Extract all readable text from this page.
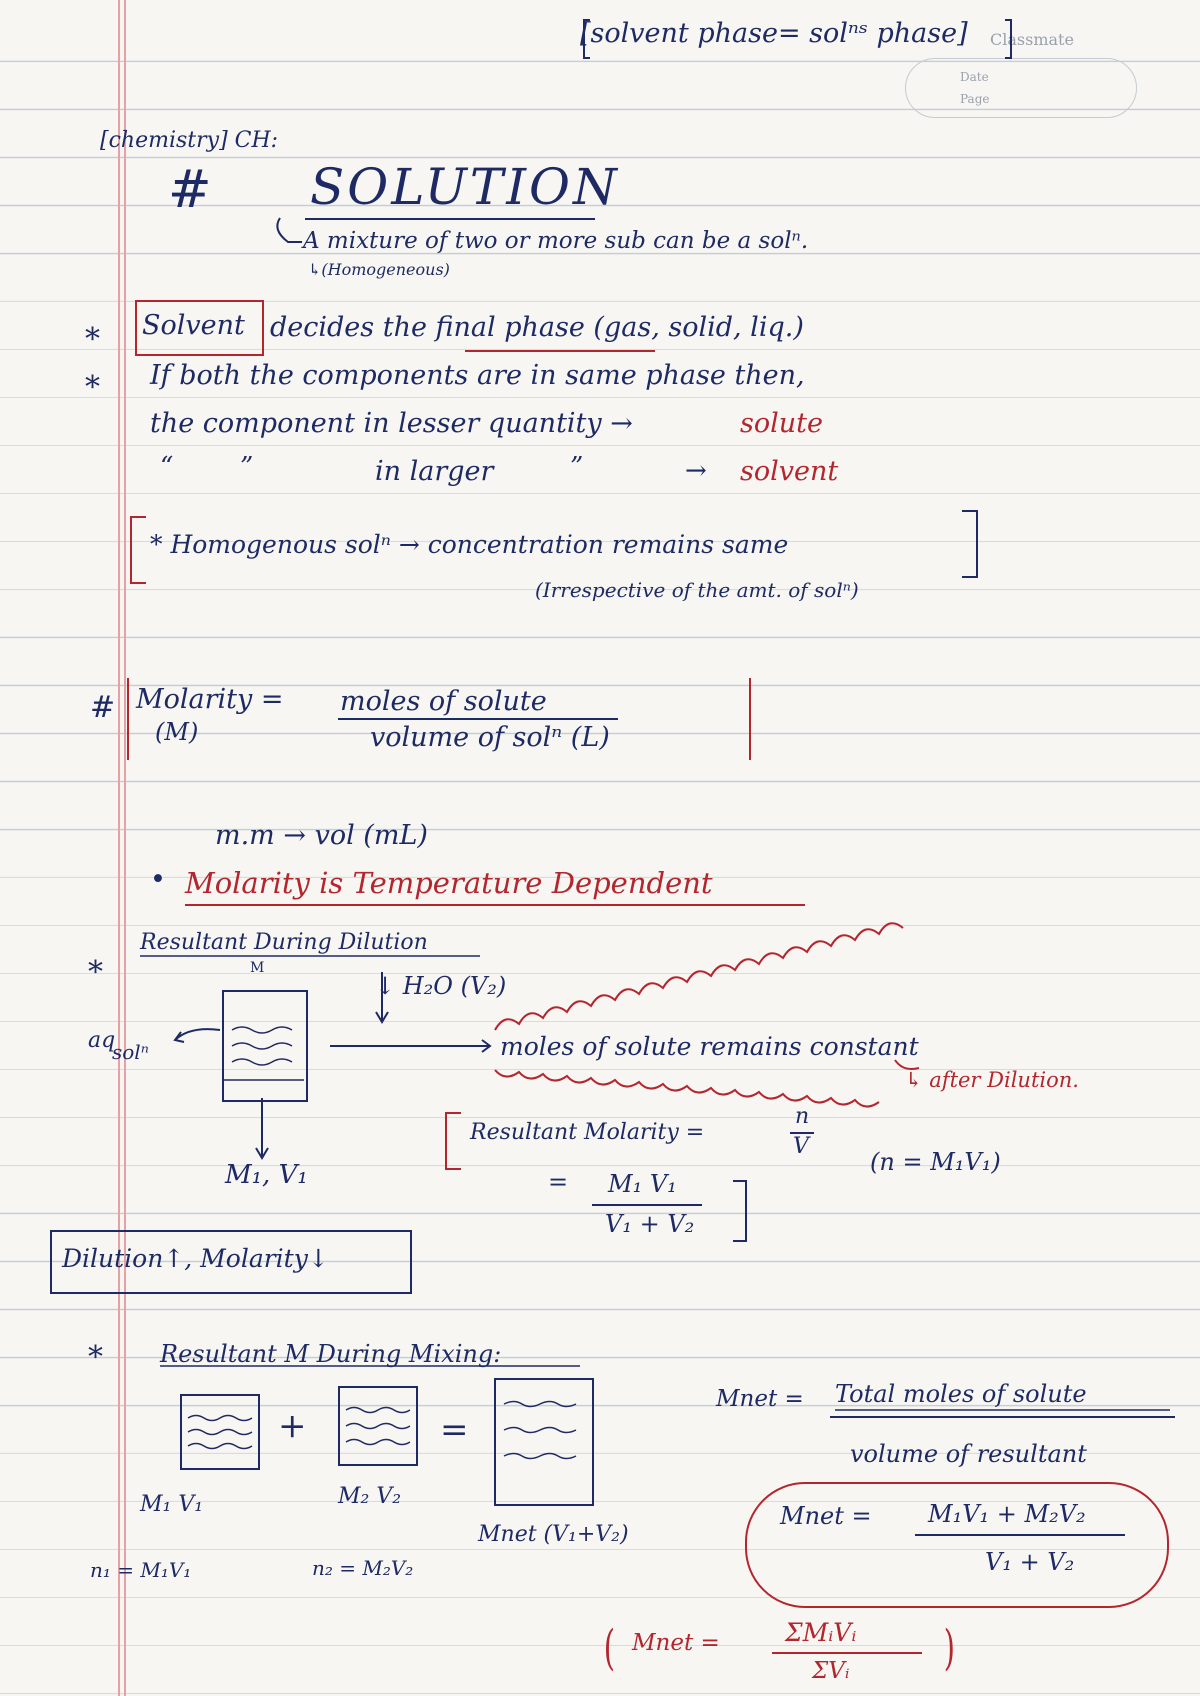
[solvent phase= solⁿˢ phase] Classmate
Date
Page
[chemistry] CH:
# SOLUTION
A mixture of two or more sub can be a solⁿ.
↳(Homogeneous)
* Solvent decides the final phase (gas, solid, liq.)
* If both the components are in same phase then,
the component in lesser quantity →	solute
“	”	in larger	”	→ solvent
* Homogenous solⁿ → concentration remains same
(Irrespective of the amt. of solⁿ)
# Molarity =
(M)
moles of solute
volume of solⁿ (L)
m.m → vol (mL)
• Molarity is Temperature Dependent
*
Resultant During Dilution
M
↓ H₂O (V₂)
aq
solⁿ	moles of solute remains constant
↳ after Dilution.
M₁, V₁
Resultant Molarity =
n
V
= M₁ V₁
V₁ + V₂
(n = M₁V₁)
Dilution↑, Molarity↓
* Resultant M During Mixing:
+	=
M₁ V₁	M₂ V₂
Mnet (V₁+V₂)
n₁ = M₁V₁	n₂ = M₂V₂
Mnet = Total moles of solute
volume of resultant
Mnet = M₁V₁ + M₂V₂
V₁ + V₂
( Mnet =	ΣMᵢVᵢ
ΣVᵢ )
